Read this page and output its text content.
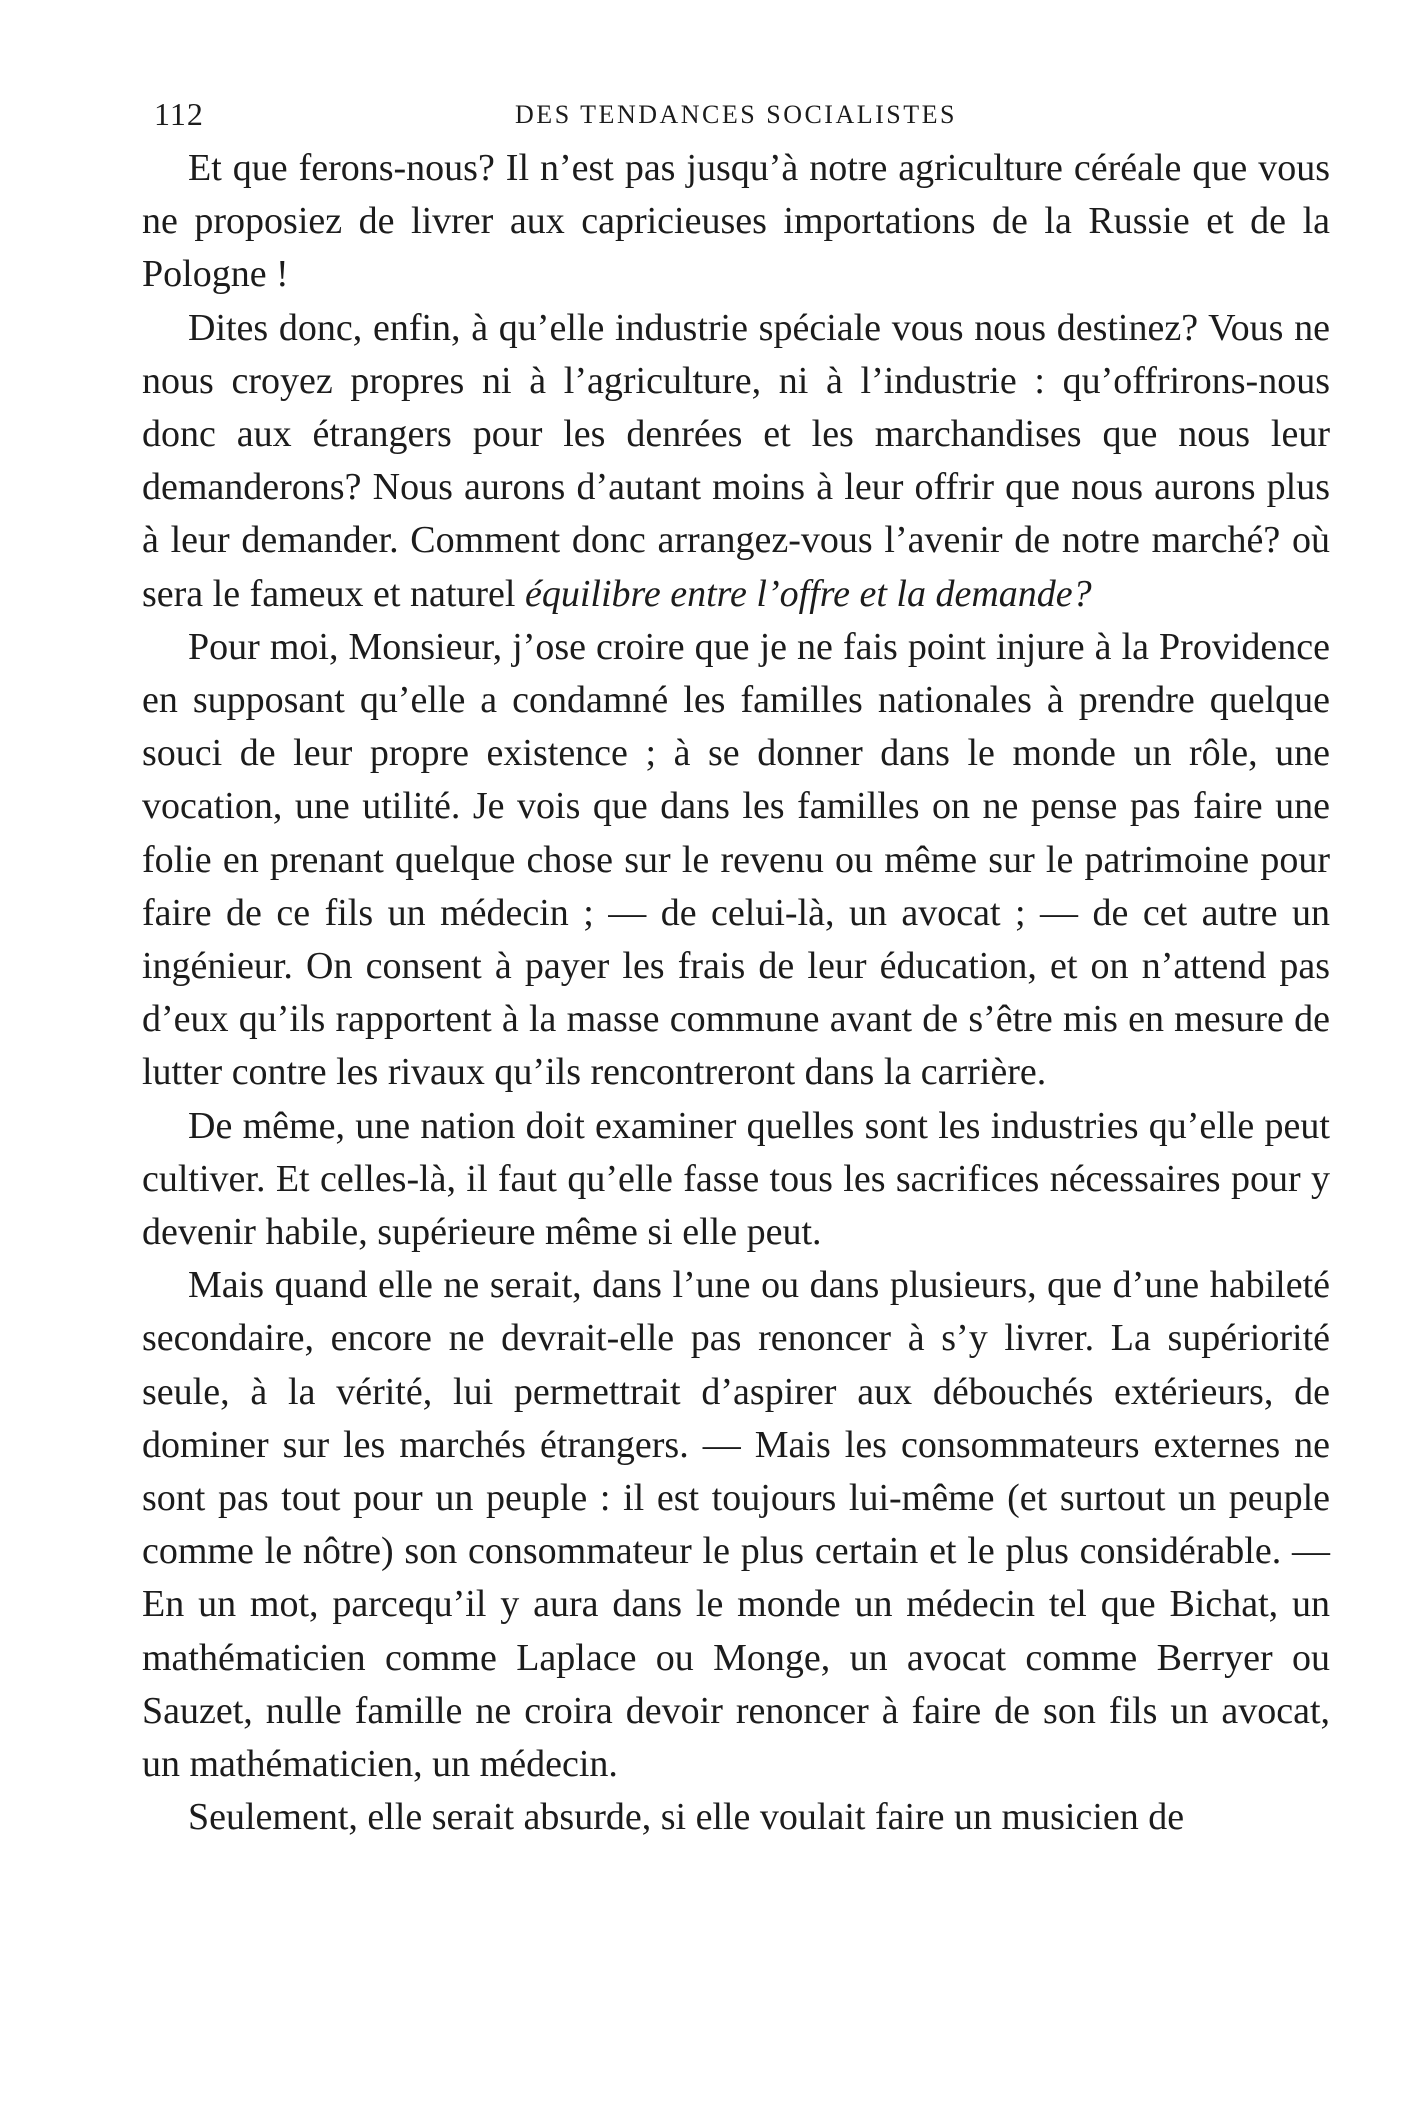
112	DES TENDANCES SOCIALISTES

Et que ferons-nous? Il n’est pas jusqu’à notre agriculture céréale que vous ne proposiez de livrer aux capricieuses importations de la Russie et de la Pologne !

Dites donc, enfin, à qu’elle industrie spéciale vous nous destinez? Vous ne nous croyez propres ni à l’agriculture, ni à l’industrie : qu’offrirons-nous donc aux étrangers pour les denrées et les marchandises que nous leur demanderons? Nous aurons d’autant moins à leur offrir que nous aurons plus à leur demander. Comment donc arrangez-vous l’avenir de notre marché? où sera le fameux et naturel équilibre entre l’offre et la demande?

Pour moi, Monsieur, j’ose croire que je ne fais point injure à la Providence en supposant qu’elle a condamné les familles nationales à prendre quelque souci de leur propre existence ; à se donner dans le monde un rôle, une vocation, une utilité. Je vois que dans les familles on ne pense pas faire une folie en prenant quelque chose sur le revenu ou même sur le patrimoine pour faire de ce fils un médecin ; — de celui-là, un avocat ; — de cet autre un ingénieur. On consent à payer les frais de leur éducation, et on n’attend pas d’eux qu’ils rapportent à la masse commune avant de s’être mis en mesure de lutter contre les rivaux qu’ils rencontreront dans la carrière.

De même, une nation doit examiner quelles sont les industries qu’elle peut cultiver. Et celles-là, il faut qu’elle fasse tous les sacrifices nécessaires pour y devenir habile, supérieure même si elle peut.

Mais quand elle ne serait, dans l’une ou dans plusieurs, que d’une habileté secondaire, encore ne devrait-elle pas renoncer à s’y livrer. La supériorité seule, à la vérité, lui permettrait d’aspirer aux débouchés extérieurs, de dominer sur les marchés étrangers. — Mais les consommateurs externes ne sont pas tout pour un peuple : il est toujours lui-même (et surtout un peuple comme le nôtre) son consommateur le plus certain et le plus considérable. — En un mot, parcequ’il y aura dans le monde un médecin tel que Bichat, un mathématicien comme Laplace ou Monge, un avocat comme Berryer ou Sauzet, nulle famille ne croira devoir renoncer à faire de son fils un avocat, un mathématicien, un médecin.

Seulement, elle serait absurde, si elle voulait faire un musicien de
